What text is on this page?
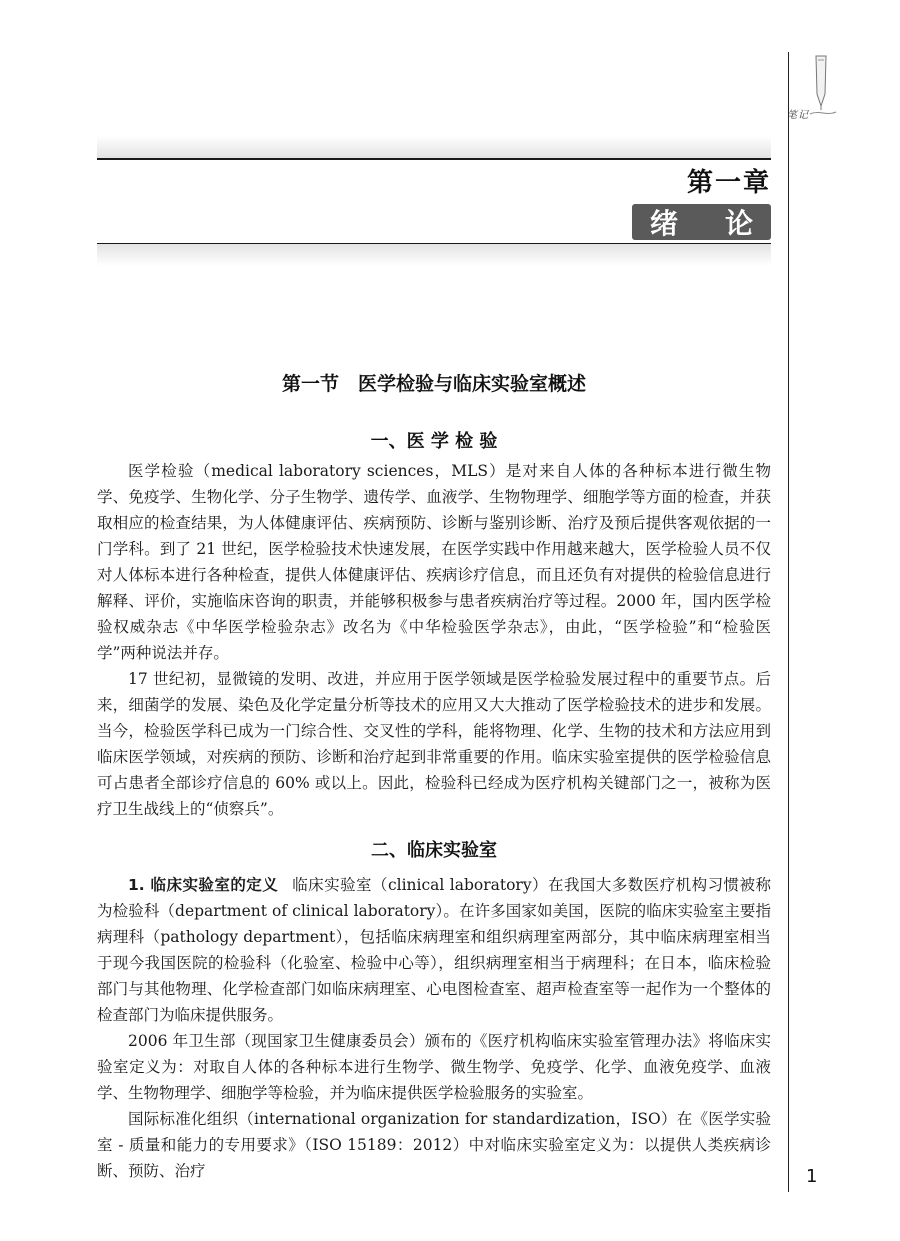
笔记
第一章
绪 论
第一节　医学检验与临床实验室概述
一、医 学 检 验

医学检验（medical laboratory sciences，MLS）是对来自人体的各种标本进行微生物学、免疫学、生物化学、分子生物学、遗传学、血液学、生物物理学、细胞学等方面的检查，并获取相应的检查结果，为人体健康评估、疾病预防、诊断与鉴别诊断、治疗及预后提供客观依据的一门学科。到了 21 世纪，医学检验技术快速发展，在医学实践中作用越来越大，医学检验人员不仅对人体标本进行各种检查，提供人体健康评估、疾病诊疗信息，而且还负有对提供的检验信息进行解释、评价，实施临床咨询的职责，并能够积极参与患者疾病治疗等过程。2000 年，国内医学检验权威杂志《中华医学检验杂志》改名为《中华检验医学杂志》，由此，“医学检验”和“检验医学”两种说法并存。

17 世纪初，显微镜的发明、改进，并应用于医学领域是医学检验发展过程中的重要节点。后来，细菌学的发展、染色及化学定量分析等技术的应用又大大推动了医学检验技术的进步和发展。当今，检验医学科已成为一门综合性、交叉性的学科，能将物理、化学、生物的技术和方法应用到临床医学领域，对疾病的预防、诊断和治疗起到非常重要的作用。临床实验室提供的医学检验信息可占患者全部诊疗信息的 60% 或以上。因此，检验科已经成为医疗机构关键部门之一，被称为医疗卫生战线上的“侦察兵”。

二、临床实验室

1. 临床实验室的定义 临床实验室（clinical laboratory）在我国大多数医疗机构习惯被称为检验科（department of clinical laboratory）。在许多国家如美国，医院的临床实验室主要指病理科（pathology department），包括临床病理室和组织病理室两部分，其中临床病理室相当于现今我国医院的检验科（化验室、检验中心等），组织病理室相当于病理科；在日本，临床检验部门与其他物理、化学检查部门如临床病理室、心电图检查室、超声检查室等一起作为一个整体的检查部门为临床提供服务。

2006 年卫生部（现国家卫生健康委员会）颁布的《医疗机构临床实验室管理办法》将临床实验室定义为：对取自人体的各种标本进行生物学、微生物学、免疫学、化学、血液免疫学、血液学、生物物理学、细胞学等检验，并为临床提供医学检验服务的实验室。

国际标准化组织（international organization for standardization，ISO）在《医学实验室 - 质量和能力的专用要求》（ISO 15189：2012）中对临床实验室定义为：以提供人类疾病诊断、预防、治疗	1
